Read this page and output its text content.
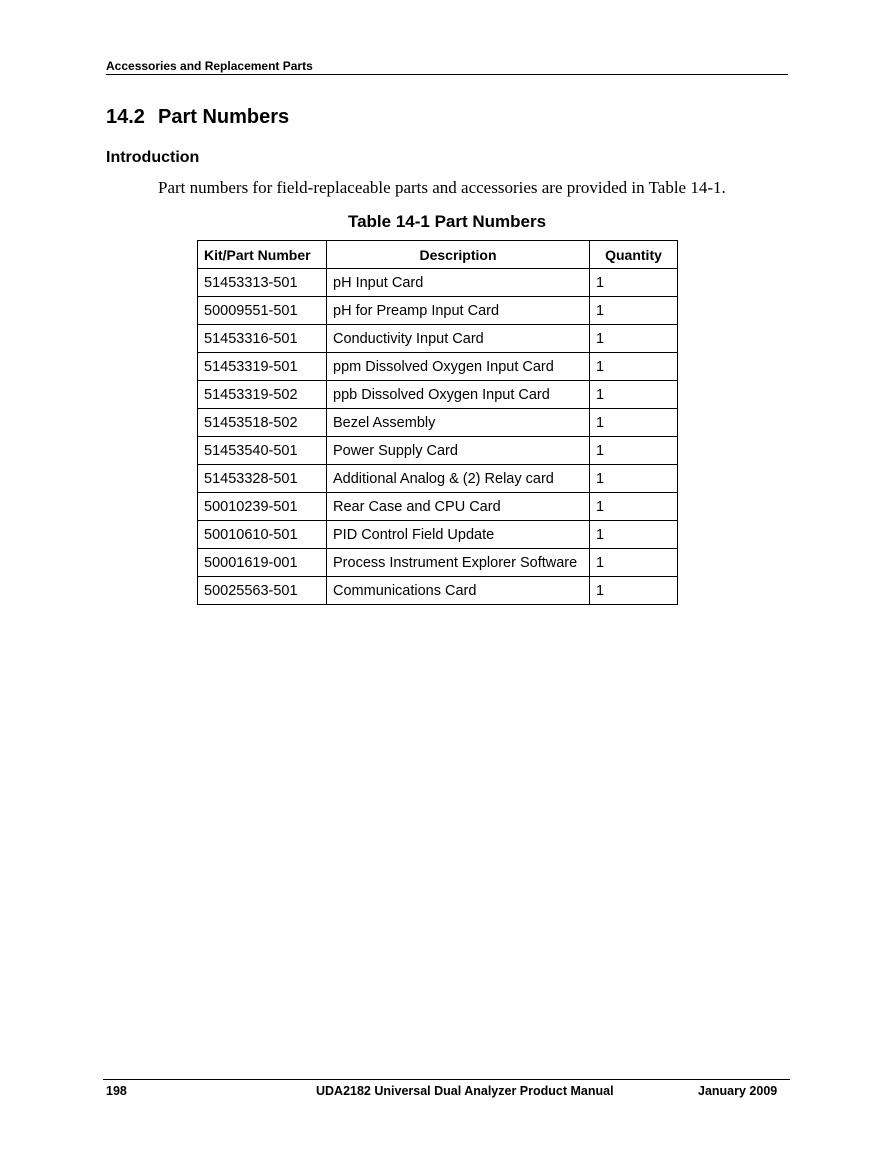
Accessories and Replacement Parts
14.2 Part Numbers
Introduction

Part numbers for field-replaceable parts and accessories are provided in Table 14-1.

Table 14-1 Part Numbers
Kit/Part Number	Description	Quantity
51453313-501	pH Input Card	1
50009551-501	pH for Preamp Input Card	1
51453316-501	Conductivity Input Card	1
51453319-501	ppm Dissolved Oxygen Input Card	1
51453319-502	ppb Dissolved Oxygen Input Card	1
51453518-502	Bezel Assembly	1
51453540-501	Power Supply Card	1
51453328-501	Additional Analog & (2) Relay card	1
50010239-501	Rear Case and CPU Card	1
50010610-501	PID Control Field Update	1
50001619-001	Process Instrument Explorer Software	1
50025563-501	Communications Card	1
198	UDA2182 Universal Dual Analyzer Product Manual	January 2009
